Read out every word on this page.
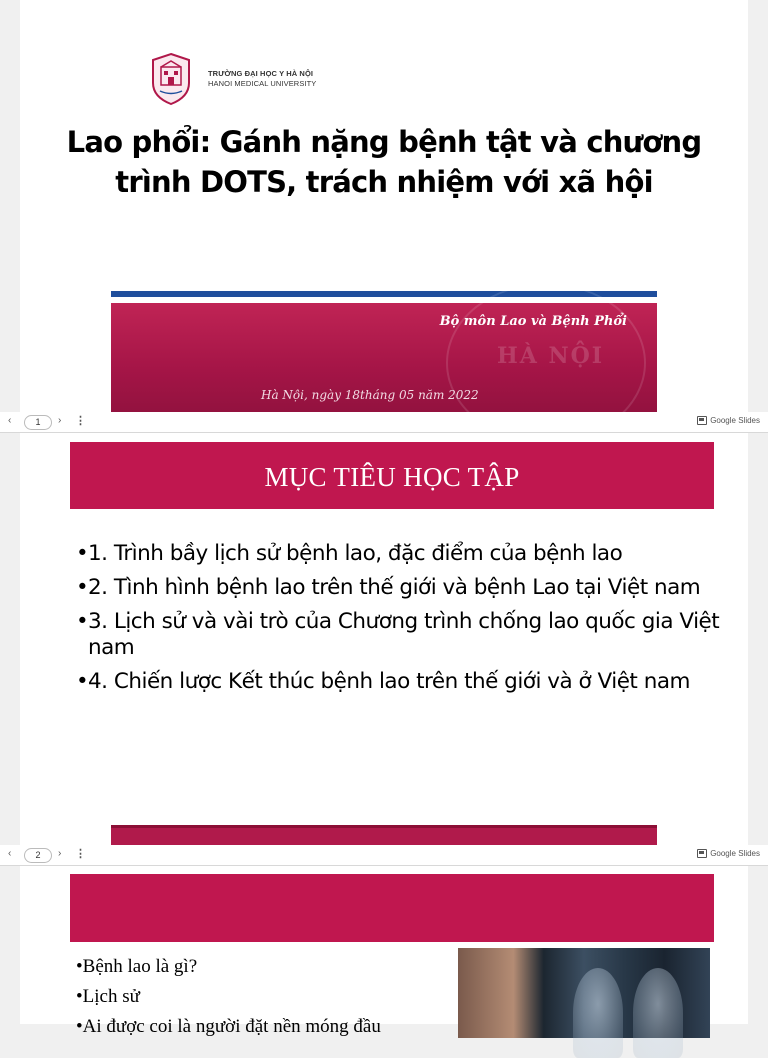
TRƯỜNG ĐẠI HỌC Y HÀ NỘI
HANOI MEDICAL UNIVERSITY
Lao phổi: Gánh nặng bệnh tật và chương
trình DOTS, trách nhiệm với xã hội
HÀ NỘI
Bộ môn Lao và Bệnh Phổi
Hà Nội, ngày 18tháng 05 năm 2022
‹	1	› ⋮	Google Slides
MỤC TIÊU HỌC TẬP
• 1. Trình bầy lịch sử bệnh lao, đặc điểm của bệnh lao
• 2. Tình hình bệnh lao trên thế giới và bệnh Lao tại Việt nam
• 3. Lịch sử và vài trò của Chương trình chống lao quốc gia Việt nam
• 4. Chiến lược Kết thúc bệnh lao trên thế giới và ở Việt nam
‹	2	› ⋮	Google Slides
•Bệnh lao là gì?
•Lịch sử
•Ai được coi là người đặt nền móng đầu
